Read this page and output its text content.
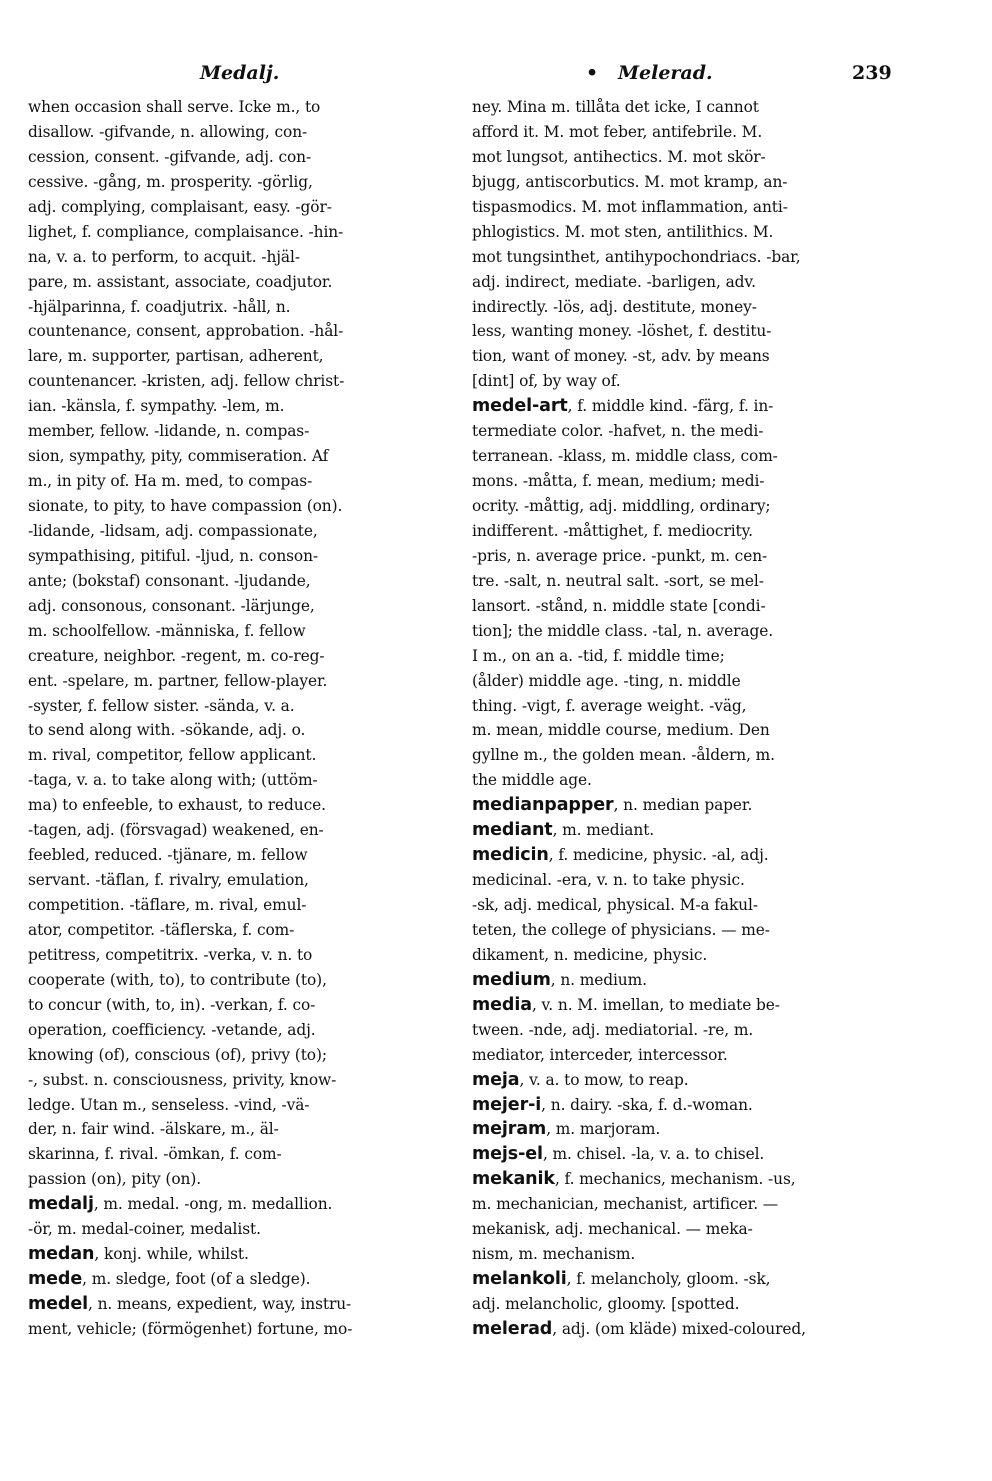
Medalj.	• Melerad.	239
when occasion shall serve. Icke m., to
disallow. -gifvande, n. allowing, con-
cession, consent. -gifvande, adj. con-
cessive. -gång, m. prosperity. -görlig,
adj. complying, complaisant, easy. -gör-
lighet, f. compliance, complaisance. -hin-
na, v. a. to perform, to acquit. -hjäl-
pare, m. assistant, associate, coadjutor.
-hjälparinna, f. coadjutrix. -håll, n.
countenance, consent, approbation. -hål-
lare, m. supporter, partisan, adherent,
countenancer. -kristen, adj. fellow christ-
ian. -känsla, f. sympathy. -lem, m.
member, fellow. -lidande, n. compas-
sion, sympathy, pity, commiseration. Af
m., in pity of. Ha m. med, to compas-
sionate, to pity, to have compassion (on).
-lidande, -lidsam, adj. compassionate,
sympathising, pitiful. -ljud, n. conson-
ante; (bokstaf) consonant. -ljudande,
adj. consonous, consonant. -lärjunge,
m. schoolfellow. -människa, f. fellow
creature, neighbor. -regent, m. co-reg-
ent. -spelare, m. partner, fellow-player.
-syster, f. fellow sister. -sända, v. a.
to send along with. -sökande, adj. o.
m. rival, competitor, fellow applicant.
-taga, v. a. to take along with; (uttöm-
ma) to enfeeble, to exhaust, to reduce.
-tagen, adj. (försvagad) weakened, en-
feebled, reduced. -tjänare, m. fellow
servant. -täflan, f. rivalry, emulation,
competition. -täflare, m. rival, emul-
ator, competitor. -täflerska, f. com-
petitress, competitrix. -verka, v. n. to
cooperate (with, to), to contribute (to),
to concur (with, to, in). -verkan, f. co-
operation, coefficiency. -vetande, adj.
knowing (of), conscious (of), privy (to);
-, subst. n. consciousness, privity, know-
ledge. Utan m., senseless. -vind, -vä-
der, n. fair wind. -älskare, m., äl-
skarinna, f. rival. -ömkan, f. com-
passion (on), pity (on).
medalj, m. medal. -ong, m. medallion.
-ör, m. medal-coiner, medalist.
medan, konj. while, whilst.
mede, m. sledge, foot (of a sledge).
medel, n. means, expedient, way, instru-
ment, vehicle; (förmögenhet) fortune, mo-
ney. Mina m. tillåta det icke, I cannot
afford it. M. mot feber, antifebrile. M.
mot lungsot, antihectics. M. mot skör-
bjugg, antiscorbutics. M. mot kramp, an-
tispasmodics. M. mot inflammation, anti-
phlogistics. M. mot sten, antilithics. M.
mot tungsinthet, antihypochondriacs. -bar,
adj. indirect, mediate. -barligen, adv.
indirectly. -lös, adj. destitute, money-
less, wanting money. -löshet, f. destitu-
tion, want of money. -st, adv. by means
[dint] of, by way of.
medel-art, f. middle kind. -färg, f. in-
termediate color. -hafvet, n. the medi-
terranean. -klass, m. middle class, com-
mons. -måtta, f. mean, medium; medi-
ocrity. -måttig, adj. middling, ordinary;
indifferent. -måttighet, f. mediocrity.
-pris, n. average price. -punkt, m. cen-
tre. -salt, n. neutral salt. -sort, se mel-
lansort. -stånd, n. middle state [condi-
tion]; the middle class. -tal, n. average.
I m., on an a. -tid, f. middle time;
(ålder) middle age. -ting, n. middle
thing. -vigt, f. average weight. -väg,
m. mean, middle course, medium. Den
gyllne m., the golden mean. -åldern, m.
the middle age.
medianpapper, n. median paper.
mediant, m. mediant.
medicin, f. medicine, physic. -al, adj.
medicinal. -era, v. n. to take physic.
-sk, adj. medical, physical. M-a fakul-
teten, the college of physicians. — me-
dikament, n. medicine, physic.
medium, n. medium.
media, v. n. M. imellan, to mediate be-
tween. -nde, adj. mediatorial. -re, m.
mediator, interceder, intercessor.
meja, v. a. to mow, to reap.
mejer-i, n. dairy. -ska, f. d.-woman.
mejram, m. marjoram.
mejs-el, m. chisel. -la, v. a. to chisel.
mekanik, f. mechanics, mechanism. -us,
m. mechanician, mechanist, artificer. —
mekanisk, adj. mechanical. — meka-
nism, m. mechanism.
melankoli, f. melancholy, gloom. -sk,
adj. melancholic, gloomy. [spotted.
melerad, adj. (om kläde) mixed-coloured,
